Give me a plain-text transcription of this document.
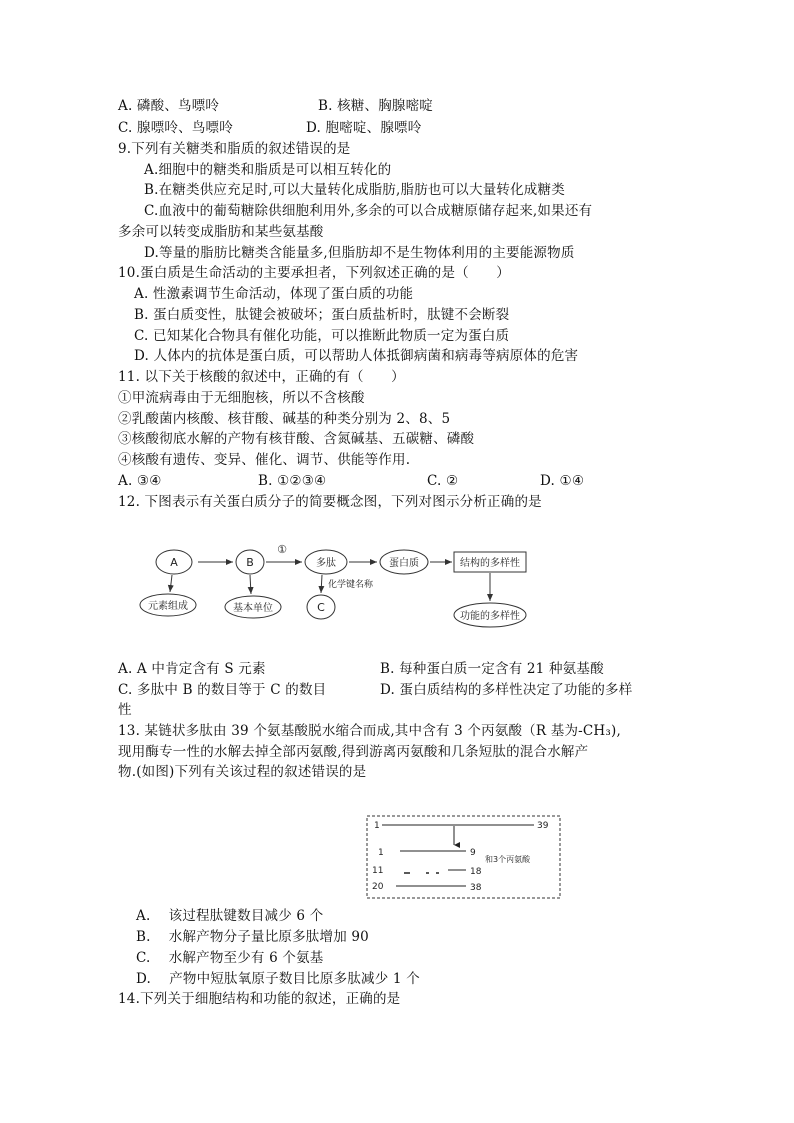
A. 磷酸、鸟嘌呤	B. 核糖、胸腺嘧啶
C. 腺嘌呤、鸟嘌呤	D. 胞嘧啶、腺嘌呤
9.下列有关糖类和脂质的叙述错误的是
A.细胞中的糖类和脂质是可以相互转化的
B.在糖类供应充足时,可以大量转化成脂肪,脂肪也可以大量转化成糖类
C.血液中的葡萄糖除供细胞利用外,多余的可以合成糖原储存起来,如果还有
多余可以转变成脂肪和某些氨基酸
D.等量的脂肪比糖类含能量多,但脂肪却不是生物体利用的主要能源物质
10.蛋白质是生命活动的主要承担者，下列叙述正确的是（　　）
A. 性激素调节生命活动，体现了蛋白质的功能
B. 蛋白质变性，肽键会被破坏；蛋白质盐析时，肽键不会断裂
C. 已知某化合物具有催化功能，可以推断此物质一定为蛋白质
D. 人体内的抗体是蛋白质，可以帮助人体抵御病菌和病毒等病原体的危害
11. 以下关于核酸的叙述中，正确的有（　　）
①甲流病毒由于无细胞核，所以不含核酸
②乳酸菌内核酸、核苷酸、碱基的种类分别为 2、8、5
③核酸彻底水解的产物有核苷酸、含氮碱基、五碳糖、磷酸
④核酸有遗传、变异、催化、调节、供能等作用.
A. ③④	B. ①②③④	C. ②	D. ①④
12. 下图表示有关蛋白质分子的简要概念图，下列对图示分析正确的是
A	B	多肽	蛋白质	结构的多样性
元素组成	基本单位	C
功能的多样性
①
化学键名称
A. A 中肯定含有 S 元素	B. 每种蛋白质一定含有 21 种氨基酸
C. 多肽中 B 的数目等于 C 的数目	D. 蛋白质结构的多样性决定了功能的多样
性
13. 某链状多肽由 39 个氨基酸脱水缩合而成,其中含有 3 个丙氨酸（R 基为-CH₃),
现用酶专一性的水解去掉全部丙氨酸,得到游离丙氨酸和几条短肽的混合水解产
物.(如图)下列有关该过程的叙述错误的是
1	39
1	9
和3个丙氨酸
11	18
20	38
A.　 该过程肽键数目减少 6 个
B.　 水解产物分子量比原多肽增加 90
C.　 水解产物至少有 6 个氨基
D.　 产物中短肽氧原子数目比原多肽减少 1 个
14.下列关于细胞结构和功能的叙述，正确的是
